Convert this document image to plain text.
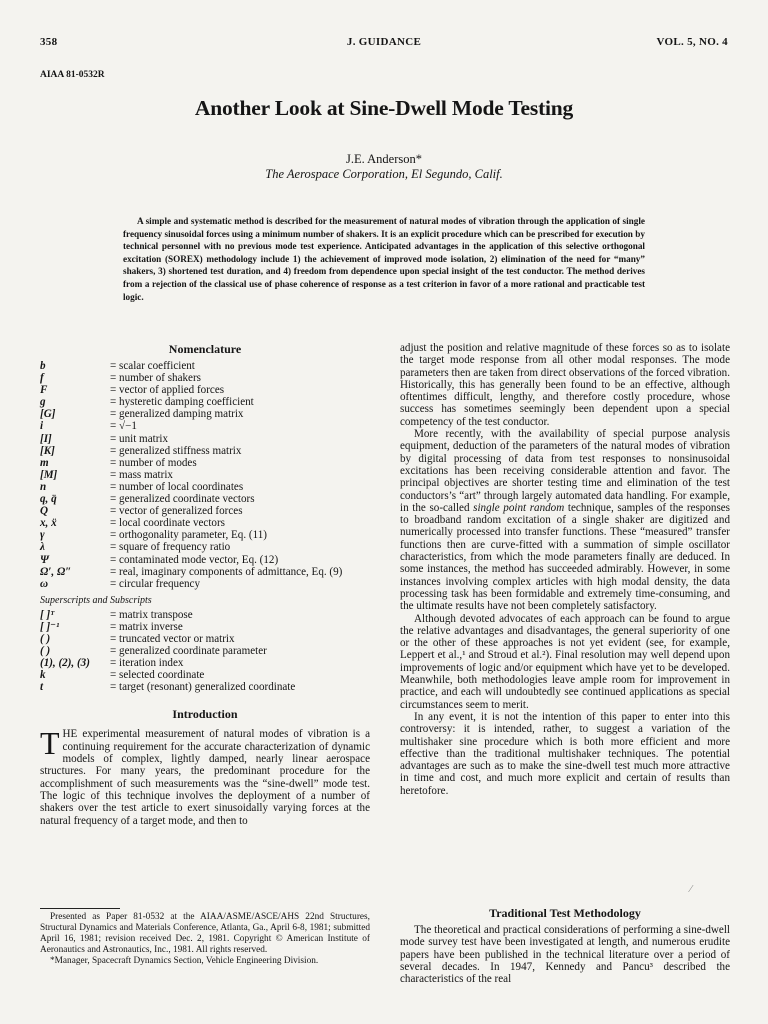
358	J. GUIDANCE	VOL. 5, NO. 4
AIAA 81-0532R
Another Look at Sine-Dwell Mode Testing
J.E. Anderson*
The Aerospace Corporation, El Segundo, Calif.
A simple and systematic method is described for the measurement of natural modes of vibration through the application of single frequency sinusoidal forces using a minimum number of shakers. It is an explicit procedure which can be prescribed for execution by technical personnel with no previous mode test experience. Anticipated advantages in the application of this selective orthogonal excitation (SOREX) methodology include 1) the achievement of improved mode isolation, 2) elimination of the need for “many” shakers, 3) shortened test duration, and 4) freedom from dependence upon special insight of the test conductor. The method derives from a rejection of the classical use of phase coherence of response as a test criterion in favor of a more rational and practicable test logic.

Nomenclature

b	= scalar coefficient
f	= number of shakers
F	= vector of applied forces
g	= hysteretic damping coefficient
[G]	= generalized damping matrix
i	= √−1
[I]	= unit matrix
[K]	= generalized stiffness matrix
m	= number of modes
[M]	= mass matrix
n	= number of local coordinates
q, q̈	= generalized coordinate vectors
Q	= vector of generalized forces
x, ẍ	= local coordinate vectors
γ	= orthogonality parameter, Eq. (11)
λ	= square of frequency ratio
Ψ	= contaminated mode vector, Eq. (12)
Ω′, Ω″	= real, imaginary components of admittance, Eq. (9)
ω	= circular frequency
Superscripts and Subscripts
[ ]ᵀ	= matrix transpose
[ ]⁻¹	= matrix inverse
( )	= truncated vector or matrix
( )	= generalized coordinate parameter
(1), (2), (3)	= iteration index
k	= selected coordinate
t	= target (resonant) generalized coordinate

Introduction

THE experimental measurement of natural modes of vibration is a continuing requirement for the accurate characterization of dynamic models of complex, lightly damped, nearly linear aerospace structures. For many years, the predominant procedure for the accomplishment of such measurements was the “sine-dwell” mode test. The logic of this technique involves the deployment of a number of shakers over the test article to exert sinusoidally varying forces at the natural frequency of a target mode, and then to

Presented as Paper 81-0532 at the AIAA/ASME/ASCE/AHS 22nd Structures, Structural Dynamics and Materials Conference, Atlanta, Ga., April 6-8, 1981; submitted April 16, 1981; revision received Dec. 2, 1981. Copyright © American Institute of Aeronautics and Astronautics, Inc., 1981. All rights reserved.

*Manager, Spacecraft Dynamics Section, Vehicle Engineering Division.

adjust the position and relative magnitude of these forces so as to isolate the target mode response from all other modal responses. The mode parameters then are taken from direct observations of the forced vibration. Historically, this has generally been found to be an effective, although oftentimes difficult, lengthy, and therefore costly procedure, whose success has sometimes seemingly been dependent upon a special competency of the test conductor.

More recently, with the availability of special purpose analysis equipment, deduction of the parameters of the natural modes of vibration by digital processing of data from test responses to nonsinusoidal excitations has been receiving considerable attention and favor. The principal objectives are shorter testing time and elimination of the test conductors’s “art” through largely automated data handling. For example, in the so-called single point random technique, samples of the responses to broadband random excitation of a single shaker are digitized and numerically processed into transfer functions. These “measured” transfer functions then are curve-fitted with a summation of simple oscillator characteristics, from which the mode parameters finally are deduced. In some instances, the method has succeeded admirably. However, in some instances involving complex articles with high modal density, the data processing task has been formidable and extremely time-consuming, and the ultimate results have not been completely satisfactory.

Although devoted advocates of each approach can be found to argue the relative advantages and disadvantages, the general superiority of one or the other of these approaches is not yet evident (see, for example, Leppert et al.,¹ and Stroud et al.²). Final resolution may well depend upon improvements of logic and/or equipment which have yet to be developed. Meanwhile, both methodologies leave ample room for improvement in practice, and each will undoubtedly see continued applications as special circumstances seem to merit.

In any event, it is not the intention of this paper to enter into this controversy: it is intended, rather, to suggest a variation of the multishaker sine procedure which is both more efficient and more effective than the traditional multishaker techniques. The potential advantages are such as to make the sine-dwell test much more attractive in time and cost, and much more explicit and certain of results than heretofore.

Traditional Test Methodology

The theoretical and practical considerations of performing a sine-dwell mode survey test have been investigated at length, and numerous erudite papers have been published in the technical literature over a period of several decades. In 1947, Kennedy and Pancu³ described the characteristics of the real

⁄
